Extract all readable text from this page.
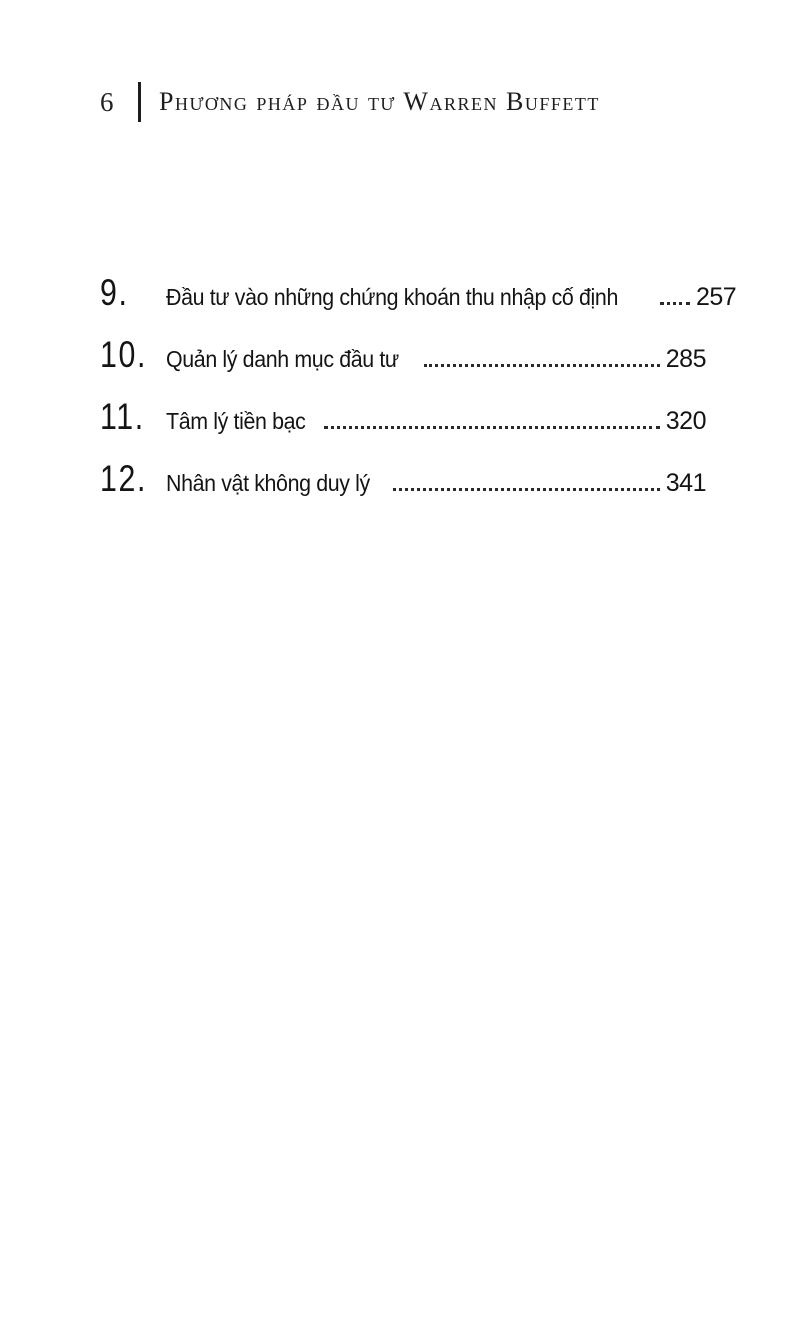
6	Phương pháp đầu tư Warren Buffett
9.	Đầu tư vào những chứng khoán thu nhập cố định	257
10. Quản lý danh mục đầu tư	285
11. Tâm lý tiền bạc	320
12. Nhân vật không duy lý	341
